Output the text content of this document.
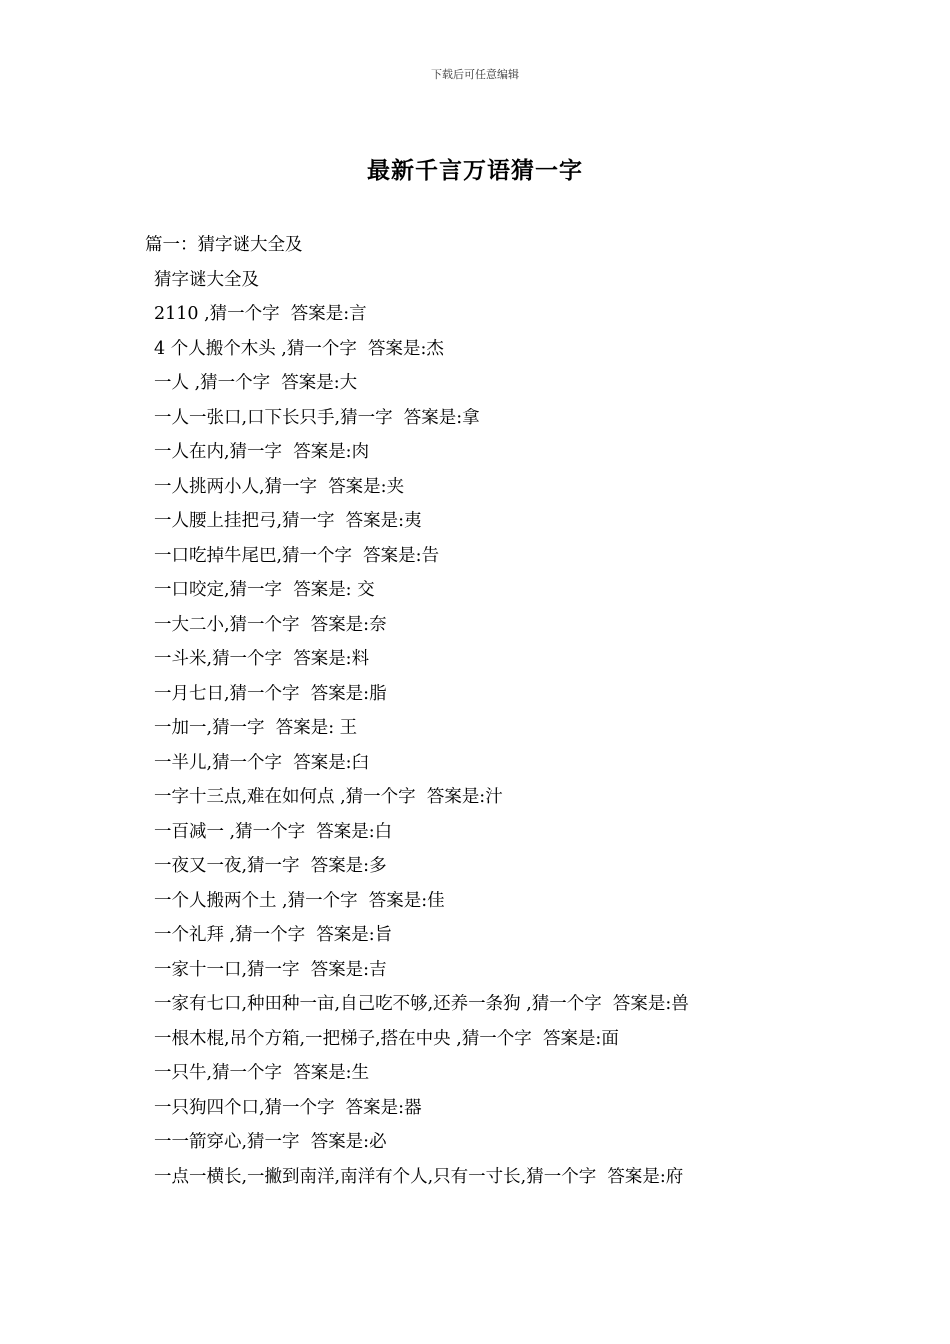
下载后可任意编辑
最新千言万语猜一字
篇一：猜字谜大全及
猜字谜大全及
2110 ,猜一个字  答案是:言
4 个人搬个木头 ,猜一个字  答案是:杰
一人 ,猜一个字  答案是:大
一人一张口,口下长只手,猜一字  答案是:拿
一人在内,猜一字  答案是:肉
一人挑两小人,猜一字  答案是:夹
一人腰上挂把弓,猜一字  答案是:夷
一口吃掉牛尾巴,猜一个字  答案是:告
一口咬定,猜一字  答案是: 交
一大二小,猜一个字  答案是:奈
一斗米,猜一个字  答案是:料
一月七日,猜一个字  答案是:脂
一加一,猜一字  答案是: 王
一半儿,猜一个字  答案是:臼
一字十三点,难在如何点 ,猜一个字  答案是:汁
一百减一 ,猜一个字  答案是:白
一夜又一夜,猜一字  答案是:多
一个人搬两个土 ,猜一个字  答案是:佳
一个礼拜 ,猜一个字  答案是:旨
一家十一口,猜一字  答案是:吉
一家有七口,种田种一亩,自己吃不够,还养一条狗 ,猜一个字  答案是:兽
一根木棍,吊个方箱,一把梯子,搭在中央 ,猜一个字  答案是:面
一只牛,猜一个字  答案是:生
一只狗四个口,猜一个字  答案是:器
一一箭穿心,猜一字  答案是:必
一点一横长,一撇到南洋,南洋有个人,只有一寸长,猜一个字  答案是:府
